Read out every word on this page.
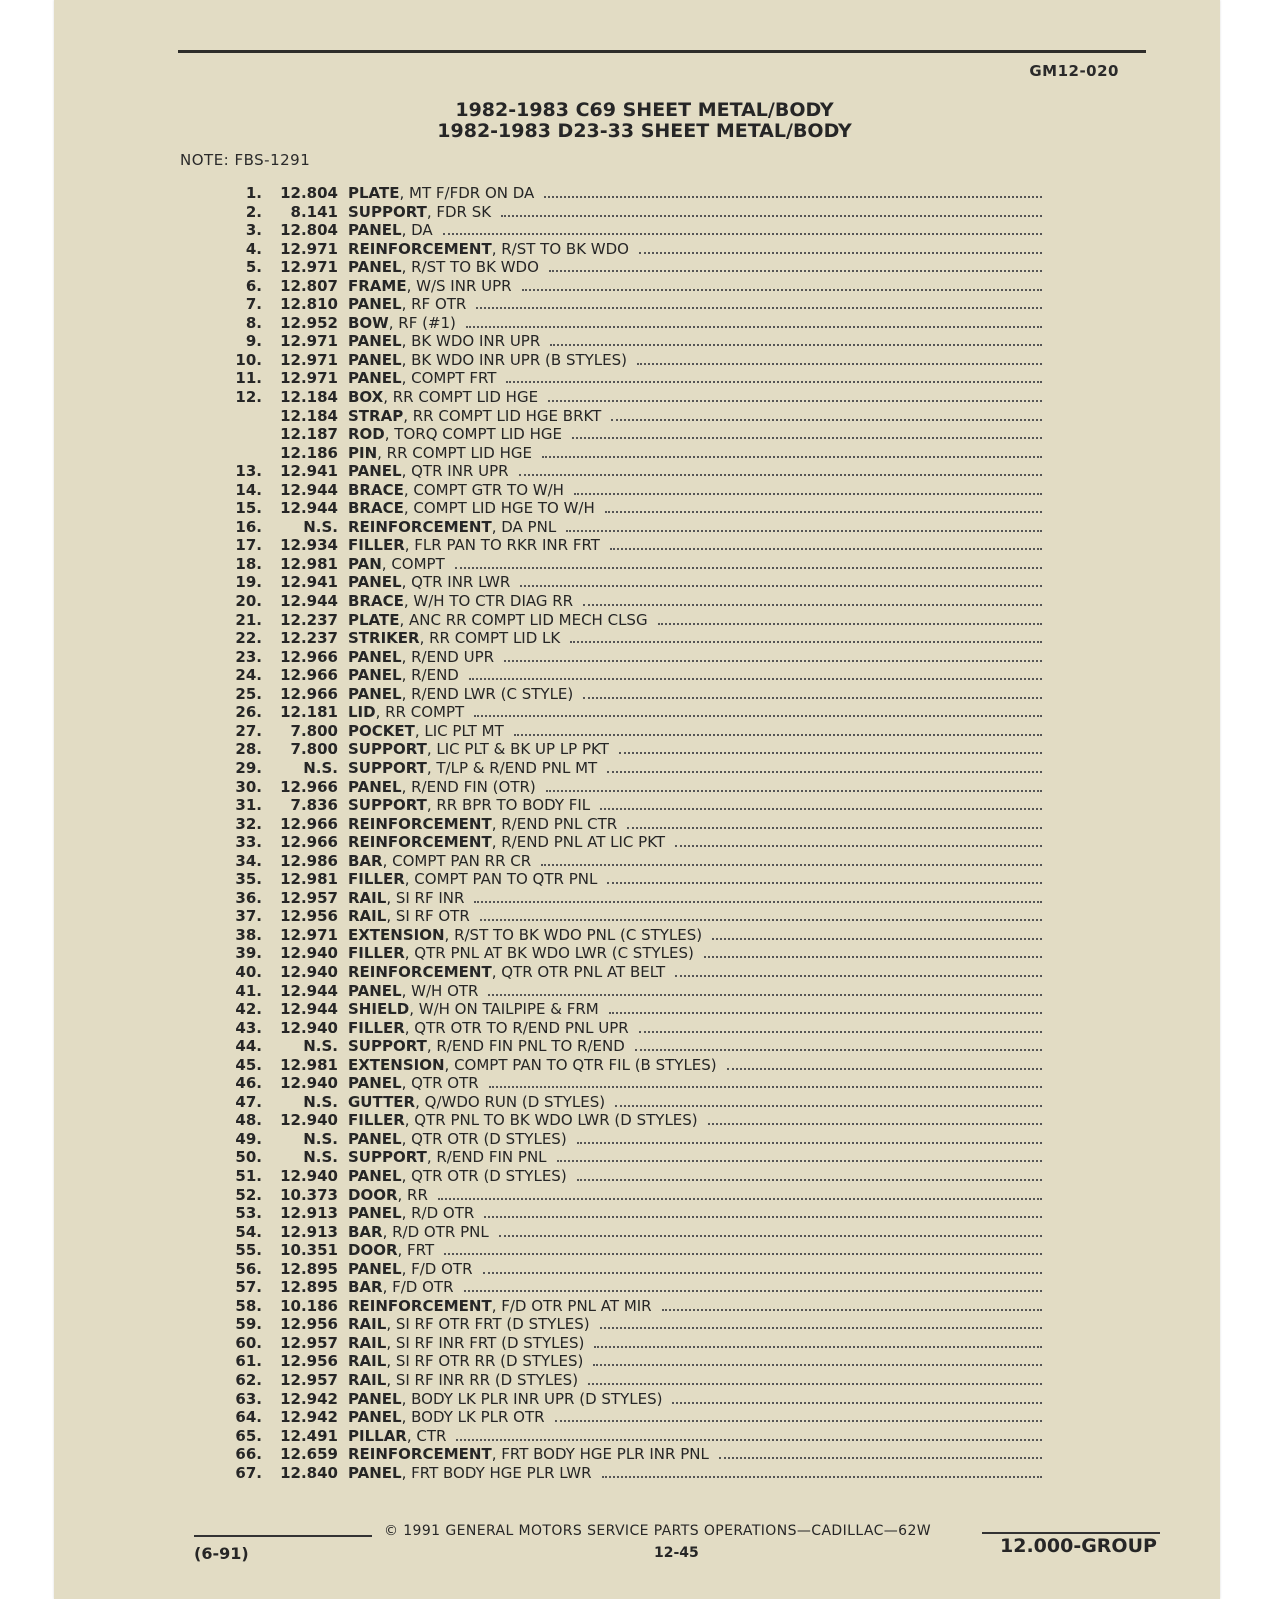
GM12-020
1982-1983 C69 SHEET METAL/BODY
1982-1983 D23-33 SHEET METAL/BODY
NOTE: FBS-1291
1.	12.804 PLATE , MT F/FDR ON DA
2.	8.141 SUPPORT , FDR SK
3.	12.804 PANEL , DA
4.	12.971 REINFORCEMENT , R/ST TO BK WDO
5.	12.971 PANEL , R/ST TO BK WDO
6.	12.807 FRAME , W/S INR UPR
7.	12.810 PANEL , RF OTR
8.	12.952 BOW , RF (#1)
9.	12.971 PANEL , BK WDO INR UPR
10.	12.971 PANEL , BK WDO INR UPR (B STYLES)
11.	12.971 PANEL , COMPT FRT
12.	12.184 BOX , RR COMPT LID HGE
12.184 STRAP , RR COMPT LID HGE BRKT
12.187 ROD , TORQ COMPT LID HGE
12.186 PIN , RR COMPT LID HGE
13.	12.941 PANEL , QTR INR UPR
14.	12.944 BRACE , COMPT GTR TO W/H
15.	12.944 BRACE , COMPT LID HGE TO W/H
16.	N.S. REINFORCEMENT , DA PNL
17.	12.934 FILLER , FLR PAN TO RKR INR FRT
18.	12.981 PAN , COMPT
19.	12.941 PANEL , QTR INR LWR
20.	12.944 BRACE , W/H TO CTR DIAG RR
21.	12.237 PLATE , ANC RR COMPT LID MECH CLSG
22.	12.237 STRIKER , RR COMPT LID LK
23.	12.966 PANEL , R/END UPR
24.	12.966 PANEL , R/END
25.	12.966 PANEL , R/END LWR (C STYLE)
26.	12.181 LID , RR COMPT
27.	7.800 POCKET , LIC PLT MT
28.	7.800 SUPPORT , LIC PLT & BK UP LP PKT
29.	N.S. SUPPORT , T/LP & R/END PNL MT
30.	12.966 PANEL , R/END FIN (OTR)
31.	7.836 SUPPORT , RR BPR TO BODY FIL
32.	12.966 REINFORCEMENT , R/END PNL CTR
33.	12.966 REINFORCEMENT , R/END PNL AT LIC PKT
34.	12.986 BAR , COMPT PAN RR CR
35.	12.981 FILLER , COMPT PAN TO QTR PNL
36.	12.957 RAIL , SI RF INR
37.	12.956 RAIL , SI RF OTR
38.	12.971 EXTENSION , R/ST TO BK WDO PNL (C STYLES)
39.	12.940 FILLER , QTR PNL AT BK WDO LWR (C STYLES)
40.	12.940 REINFORCEMENT , QTR OTR PNL AT BELT
41.	12.944 PANEL , W/H OTR
42.	12.944 SHIELD , W/H ON TAILPIPE & FRM
43.	12.940 FILLER , QTR OTR TO R/END PNL UPR
44.	N.S. SUPPORT , R/END FIN PNL TO R/END
45.	12.981 EXTENSION , COMPT PAN TO QTR FIL (B STYLES)
46.	12.940 PANEL , QTR OTR
47.	N.S. GUTTER , Q/WDO RUN (D STYLES)
48.	12.940 FILLER , QTR PNL TO BK WDO LWR (D STYLES)
49.	N.S. PANEL , QTR OTR (D STYLES)
50.	N.S. SUPPORT , R/END FIN PNL
51.	12.940 PANEL , QTR OTR (D STYLES)
52.	10.373 DOOR , RR
53.	12.913 PANEL , R/D OTR
54.	12.913 BAR , R/D OTR PNL
55.	10.351 DOOR , FRT
56.	12.895 PANEL , F/D OTR
57.	12.895 BAR , F/D OTR
58.	10.186 REINFORCEMENT , F/D OTR PNL AT MIR
59.	12.956 RAIL , SI RF OTR FRT (D STYLES)
60.	12.957 RAIL , SI RF INR FRT (D STYLES)
61.	12.956 RAIL , SI RF OTR RR (D STYLES)
62.	12.957 RAIL , SI RF INR RR (D STYLES)
63.	12.942 PANEL , BODY LK PLR INR UPR (D STYLES)
64.	12.942 PANEL , BODY LK PLR OTR
65.	12.491 PILLAR , CTR
66.	12.659 REINFORCEMENT , FRT BODY HGE PLR INR PNL
67.	12.840 PANEL , FRT BODY HGE PLR LWR
© 1991 GENERAL MOTORS SERVICE PARTS OPERATIONS—CADILLAC—62W
(6-91)	12-45	12.000-GROUP
